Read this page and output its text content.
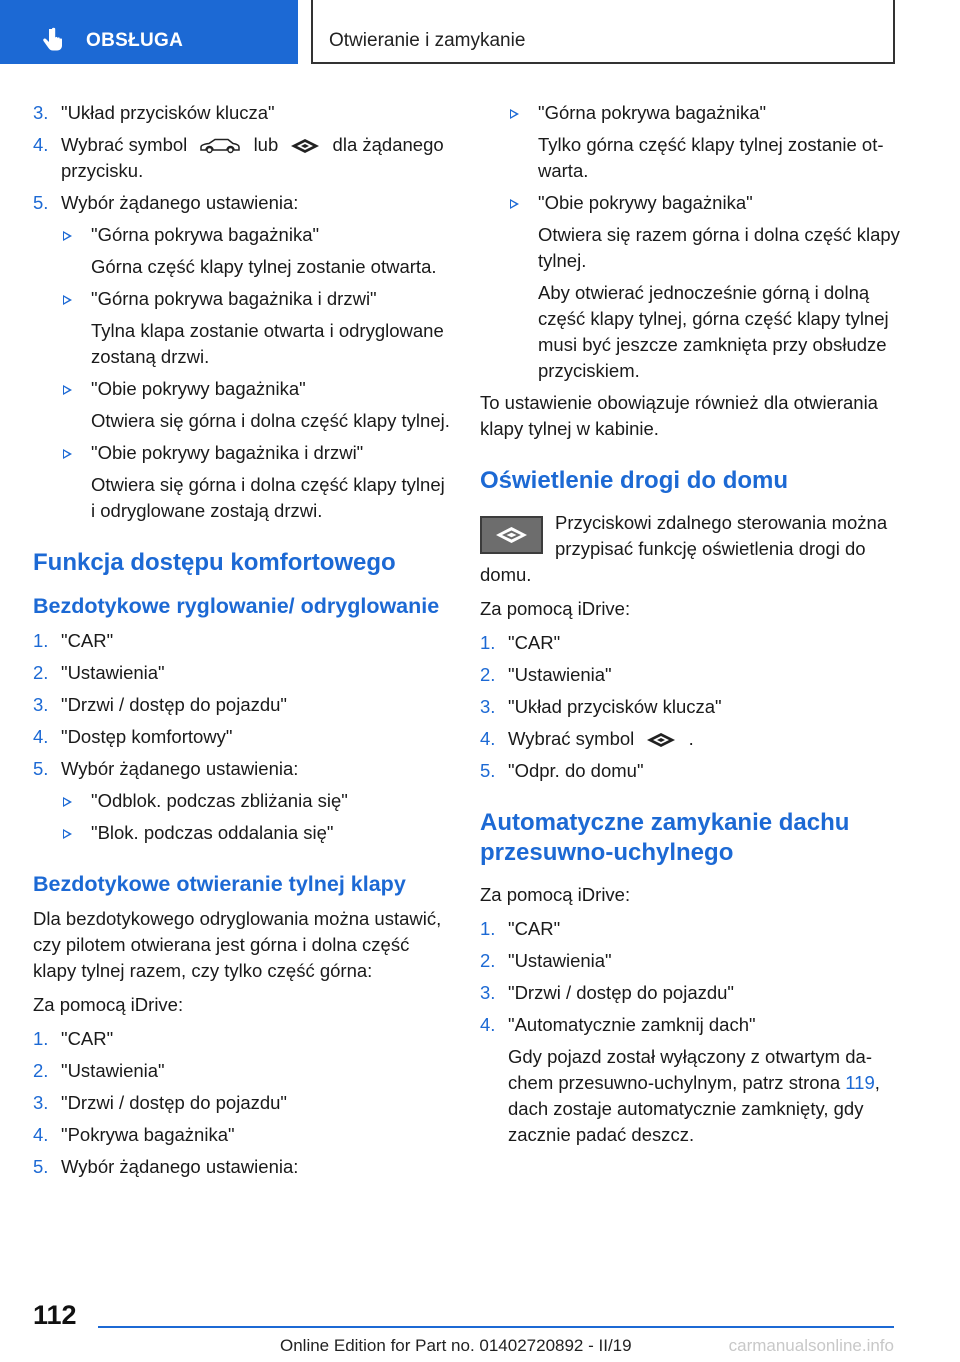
OBSŁUGA	Otwieranie i zamykanie
3. "Układ przycisków klucza"
4. Wybrać symbol	lub	dla żądanego przycisku.
5. Wybór żądanego ustawienia:
"Górna pokrywa bagażnika"
Górna część klapy tylnej zostanie otwarta.
"Górna pokrywa bagażnika i drzwi"
Tylna klapa zostanie otwarta i odryglowane zostaną drzwi.
"Obie pokrywy bagażnika"
Otwiera się górna i dolna część klapy tylnej.
"Obie pokrywy bagażnika i drzwi"
Otwiera się górna i dolna część klapy tylnej i odryglowane zostają drzwi.
Funkcja dostępu komfortowego
Bezdotykowe ryglowanie/ odryglowanie
1. "CAR"
2. "Ustawienia"
3. "Drzwi / dostęp do pojazdu"
4. "Dostęp komfortowy"
5. Wybór żądanego ustawienia:
"Odblok. podczas zbliżania się"
"Blok. podczas oddalania się"
Bezdotykowe otwieranie tylnej klapy
Dla bezdotykowego odryglowania można ustawić, czy pilotem otwierana jest górna i dolna część klapy tylnej razem, czy tylko część górna:
Za pomocą iDrive:
1. "CAR"
2. "Ustawienia"
3. "Drzwi / dostęp do pojazdu"
4. "Pokrywa bagażnika"
5. Wybór żądanego ustawienia:
"Górna pokrywa bagażnika"
Tylko górna część klapy tylnej zostanie otwarta.
"Obie pokrywy bagażnika"
Otwiera się razem górna i dolna część klapy tylnej.
Aby otwierać jednocześnie górną i dolną część klapy tylnej, górna część klapy tylnej musi być jeszcze zamknięta przy obsłudze przyciskiem.
To ustawienie obowiązuje również dla otwierania klapy tylnej w kabinie.
Oświetlenie drogi do domu
Przyciskowi zdalnego sterowania można przypisać funkcję oświetlenia drogi do domu.
Za pomocą iDrive:
1. "CAR"
2. "Ustawienia"
3. "Układ przycisków klucza"
4. Wybrać symbol	.
5. "Odpr. do domu"
Automatyczne zamykanie dachu przesuwno-uchylnego
Za pomocą iDrive:
1. "CAR"
2. "Ustawienia"
3. "Drzwi / dostęp do pojazdu"
4. "Automatycznie zamknij dach"
Gdy pojazd został wyłączony z otwartym dachem przesuwno-uchylnym, patrz strona 119, dach zostaje automatycznie zamknięty, gdy zacznie padać deszcz.
112
Online Edition for Part no. 01402720892 - II/19	carmanualsonline.info
